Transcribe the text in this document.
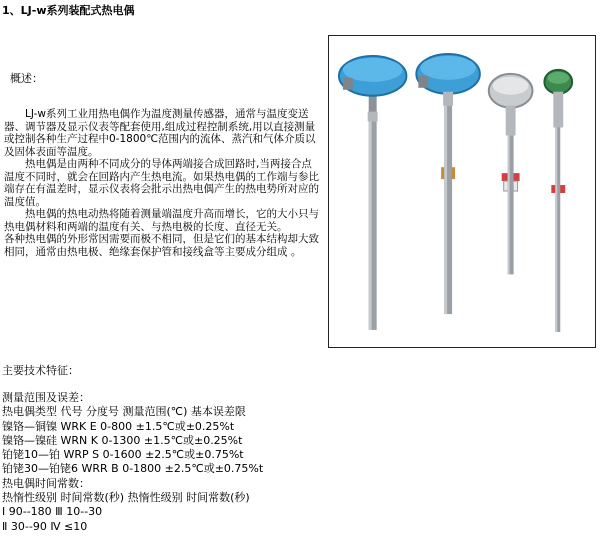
1、LJ-w系列装配式热电偶
概述：

　　LJ-w系列工业用热电偶作为温度测量传感器，通常与温度变送器、调节器及显示仪表等配套使用,组成过程控制系统,用以直接测量或控制各种生产过程中0-1800℃范围内的流体、蒸汽和气体介质以及固体表面等温度。

　　热电偶是由两种不同成分的导体两端接合成回路时,当两接合点温度不同时，就会在回路内产生热电流。如果热电偶的工作端与参比端存在有温差时，显示仪表将会批示出热电偶产生的热电势所对应的温度值。

　　热电偶的热电动热将随着测量端温度升高而增长，它的大小只与热电偶材料和两端的温度有关、与热电极的长度、直径无关。

各种热电偶的外形常因需要而极不相同，但是它们的基本结构却大致相同，通常由热电极、绝缘套保护管和接线盒等主要成分组成 。

主要技术特征：
测量范围及误差：
热电偶类型 代号 分度号 测量范围(℃) 基本误差限
镍铬—铜镍 WRK E 0-800 ±1.5℃或±0.25%t
镍铬—镍硅 WRN K 0-1300 ±1.5℃或±0.25%t
铂铑10—铂 WRP S 0-1600 ±2.5℃或±0.75%t
铂铑30—铂铑6 WRR B 0-1800 ±2.5℃或±0.75%t
热电偶时间常数：
热惰性级别 时间常数(秒) 热惰性级别 时间常数(秒)
Ⅰ 90--180 Ⅲ 10--30
Ⅱ 30--90 Ⅳ ≤10
